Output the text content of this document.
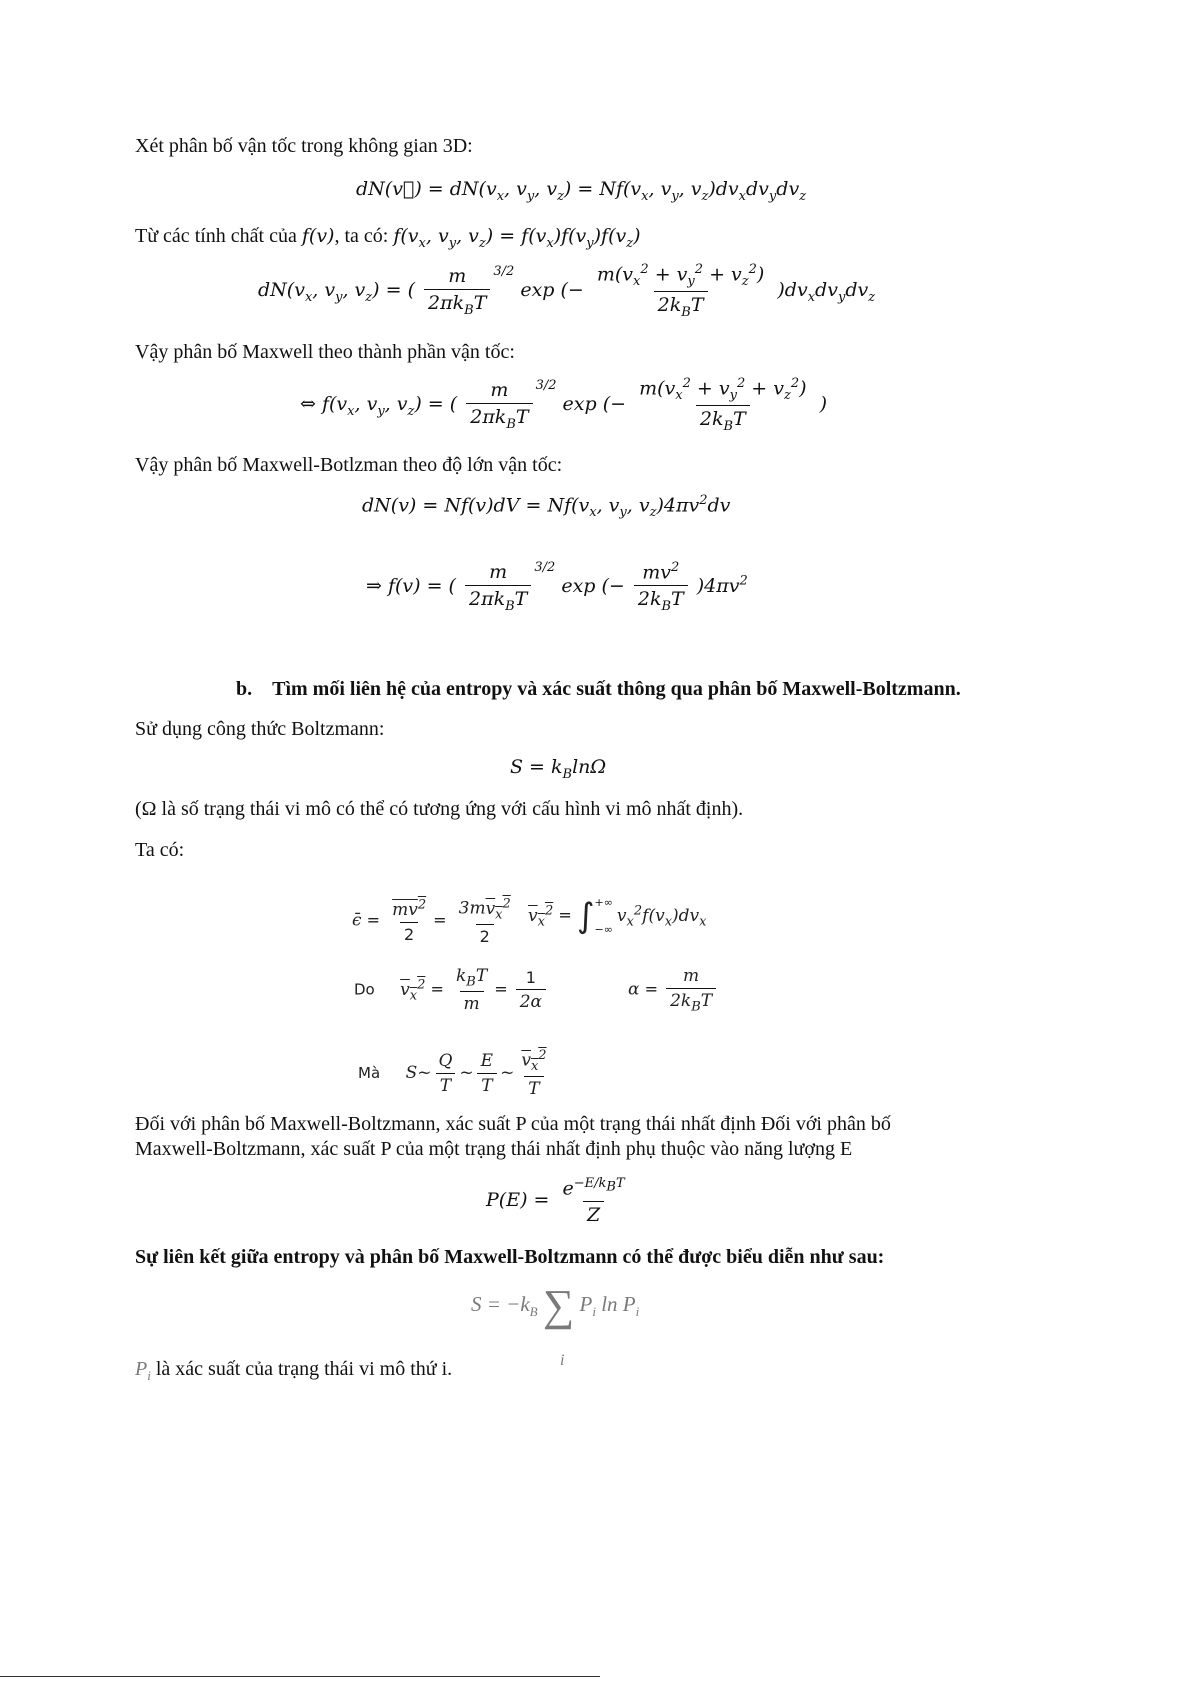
Xét phân bố vận tốc trong không gian 3D:
dN(v⃗) = $dN(v_x$, $v_y$, $v_z) = Nf(v_x$, $v_y$, $v_z)dv_xdv_ydv_z$
Từ các tính chất của f(v), ta có: $f(v_x$, $v_y$, $v_z) = f(v_x)f(v_y)f(v_z)$
$dN(v_x$, $v_y$, $v_z$) = ( $\frac{m}{2\pi k_BT} ^{3/2}$ exp (− $\frac{m(v_x^2 + v_y^2 + v_z^2)}{2k_BT} )dv_xdv_ydv_z$
Vậy phân bố Maxwell theo thành phần vận tốc:
⇔ $f(v_x$, $v_y$, $v_z$) = ( $\frac{m}{2\pi k_BT} ^{3/2}$ exp (− $\frac{m(v_x^2 + v_y^2 + v_z^2)}{2k_BT}$ )
Vậy phân bố Maxwell-Botlzman theo độ lớn vận tốc:
$dN(v) = Nf(v)dV = Nf(v_x$, $v_y$, $v_z)4\pi v^2dv$
⇒ f(v) = ( $\frac{m}{2\pi k_BT} ^{3/2}$ exp (− $\frac{mv^2}{2k_BT} )4\pi v^2$
b. Tìm mối liên hệ của entropy và xác suất thông qua phân bố Maxwell-Boltzmann.
Sử dụng công thức Boltzmann:
$S = k_B\ln\Omega$
(Ω là số trạng thái vi mô có thể có tương ứng với cấu hình vi mô nhất định).
Ta có:
ϵ̄ = $\frac{mv^2}{2} = \frac{3mv_x^2}{2} v_x^2$ = ∫ +∞
−∞
$v_x^2f(v_x)dv_x$
Do $v_x^2 = \frac{k_BT}{m} = \frac{1}{2\alpha}$	$\alpha = \frac{m}{2k_BT}$
Mà S~ $\frac{Q}{T}$ ~ $\frac{E}{T}$ ~ $\frac{v_x^2}{T}$
Đối với phân bố Maxwell-Boltzmann, xác suất P của một trạng thái nhất định Đối với phân bố
Maxwell-Boltzmann, xác suất P của một trạng thái nhất định phụ thuộc vào năng lượng E
$P(E) = \frac{e^{-E/k_BT}}{Z}$
Sự liên kết giữa entropy và phân bố Maxwell-Boltzmann có thể được biểu diễn như sau:
$S = -k_B$ ∑ $P_i$ $\ln P_i$
i
$P_i$ là xác suất của trạng thái vi mô thứ i.
